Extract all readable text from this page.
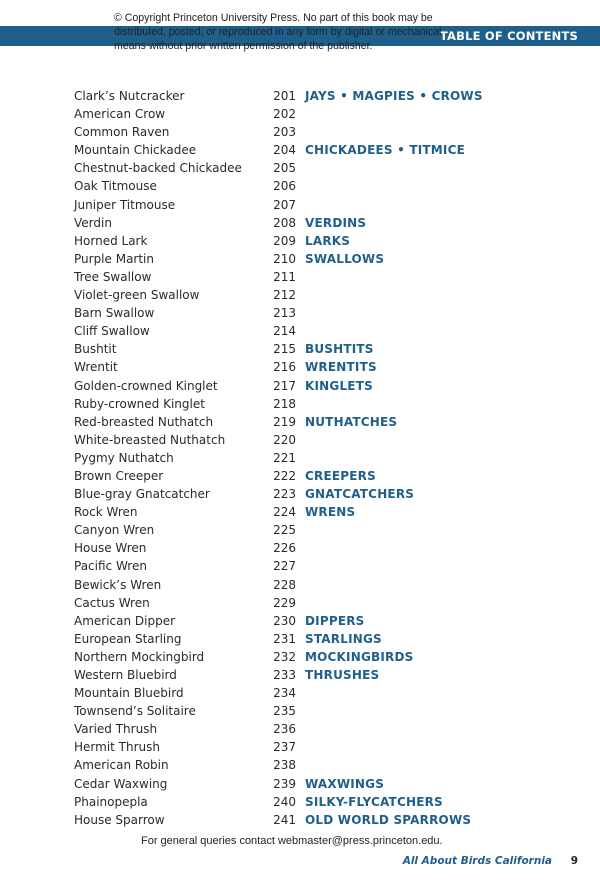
TABLE OF CONTENTS
© Copyright Princeton University Press. No part of this book may be distributed, posted, or reproduced in any form by digital or mechanical means without prior written permission of the publisher.
Clark’s Nutcracker	201 JAYS • MAGPIES • CROWS
American Crow	202
Common Raven	203
Mountain Chickadee	204 CHICKADEES • TITMICE
Chestnut-backed Chickadee	205
Oak Titmouse	206
Juniper Titmouse	207
Verdin	208 VERDINS
Horned Lark	209 LARKS
Purple Martin	210 SWALLOWS
Tree Swallow	211
Violet-green Swallow	212
Barn Swallow	213
Cliff Swallow	214
Bushtit	215 BUSHTITS
Wrentit	216 WRENTITS
Golden-crowned Kinglet	217 KINGLETS
Ruby-crowned Kinglet	218
Red-breasted Nuthatch	219 NUTHATCHES
White-breasted Nuthatch	220
Pygmy Nuthatch	221
Brown Creeper	222 CREEPERS
Blue-gray Gnatcatcher	223 GNATCATCHERS
Rock Wren	224 WRENS
Canyon Wren	225
House Wren	226
Pacific Wren	227
Bewick’s Wren	228
Cactus Wren	229
American Dipper	230 DIPPERS
European Starling	231 STARLINGS
Northern Mockingbird	232 MOCKINGBIRDS
Western Bluebird	233 THRUSHES
Mountain Bluebird	234
Townsend’s Solitaire	235
Varied Thrush	236
Hermit Thrush	237
American Robin	238
Cedar Waxwing	239 WAXWINGS
Phainopepla	240 SILKY-FLYCATCHERS
House Sparrow	241 OLD WORLD SPARROWS
For general queries contact webmaster@press.princeton.edu.
All About Birds California 9
